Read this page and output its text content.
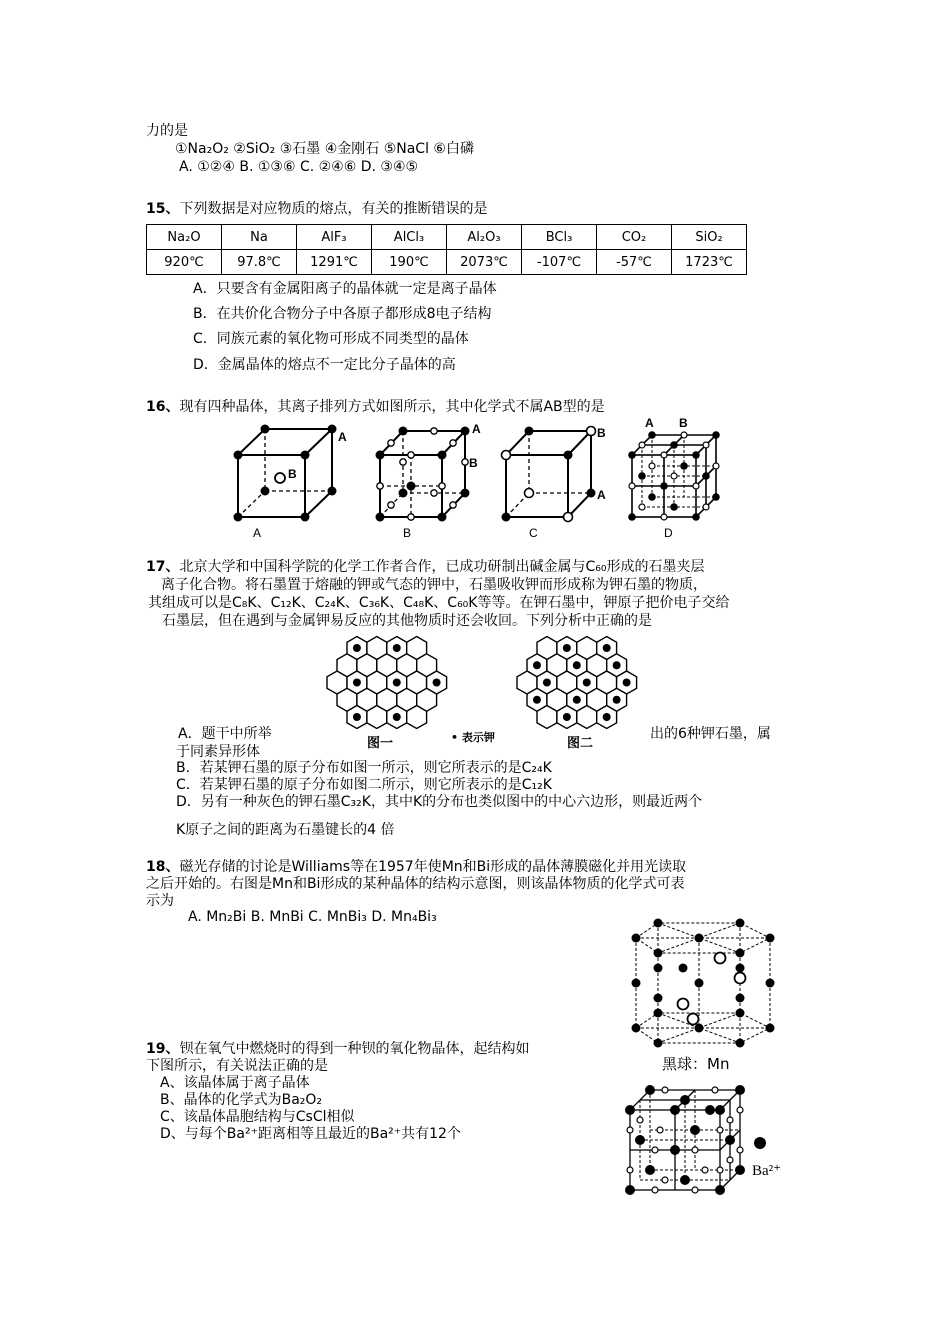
力的是
①Na₂O₂ ②SiO₂ ③石墨 ④金刚石 ⑤NaCl ⑥白磷
A. ①②④ B. ①③⑥ C. ②④⑥ D. ③④⑤
15、下列数据是对应物质的熔点，有关的推断错误的是
Na₂O	Na	AlF₃	AlCl₃	Al₂O₃	BCl₃	CO₂	SiO₂
920℃	97.8℃	1291℃	190℃	2073℃	-107℃	-57℃	1723℃
A．只要含有金属阳离子的晶体就一定是离子晶体
B．在共价化合物分子中各原子都形成8电子结构
C．同族元素的氧化物可形成不同类型的晶体
D．金属晶体的熔点不一定比分子晶体的高
16、现有四种晶体，其离子排列方式如图所示，其中化学式不属AB型的是
B
A
A
A
B
B
B
A
C
A B
D
17、北京大学和中国科学院的化学工作者合作，已成功研制出碱金属与C₆₀形成的石墨夹层
离子化合物。将石墨置于熔融的钾或气态的钾中，石墨吸收钾而形成称为钾石墨的物质，
其组成可以是C₈K、C₁₂K、C₂₄K、C₃₆K、C₄₈K、C₆₀K等等。在钾石墨中，钾原子把价电子交给
石墨层，但在遇到与金属钾易反应的其他物质时还会收回。下列分析中正确的是
图一	• 表示钾	图二
A．题干中所举	出的6种钾石墨，属
于同素异形体
B．若某钾石墨的原子分布如图一所示，则它所表示的是C₂₄K
C．若某钾石墨的原子分布如图二所示，则它所表示的是C₁₂K
D．另有一种灰色的钾石墨C₃₂K，其中K的分布也类似图中的中心六边形，则最近两个
K原子之间的距离为石墨键长的4 倍
18、磁光存储的讨论是Williams等在1957年使Mn和Bi形成的晶体薄膜磁化并用光读取
之后开始的。右图是Mn和Bi形成的某种晶体的结构示意图，则该晶体物质的化学式可表
示为
A. Mn₂Bi B. MnBi C. MnBi₃ D. Mn₄Bi₃
黑球：Mn
19、钡在氧气中燃烧时的得到一种钡的氧化物晶体，起结构如
下图所示，有关说法正确的是
A、该晶体属于离子晶体
B、晶体的化学式为Ba₂O₂
C、该晶体晶胞结构与CsCl相似
D、与每个Ba²⁺距离相等且最近的Ba²⁺共有12个
Ba²⁺
